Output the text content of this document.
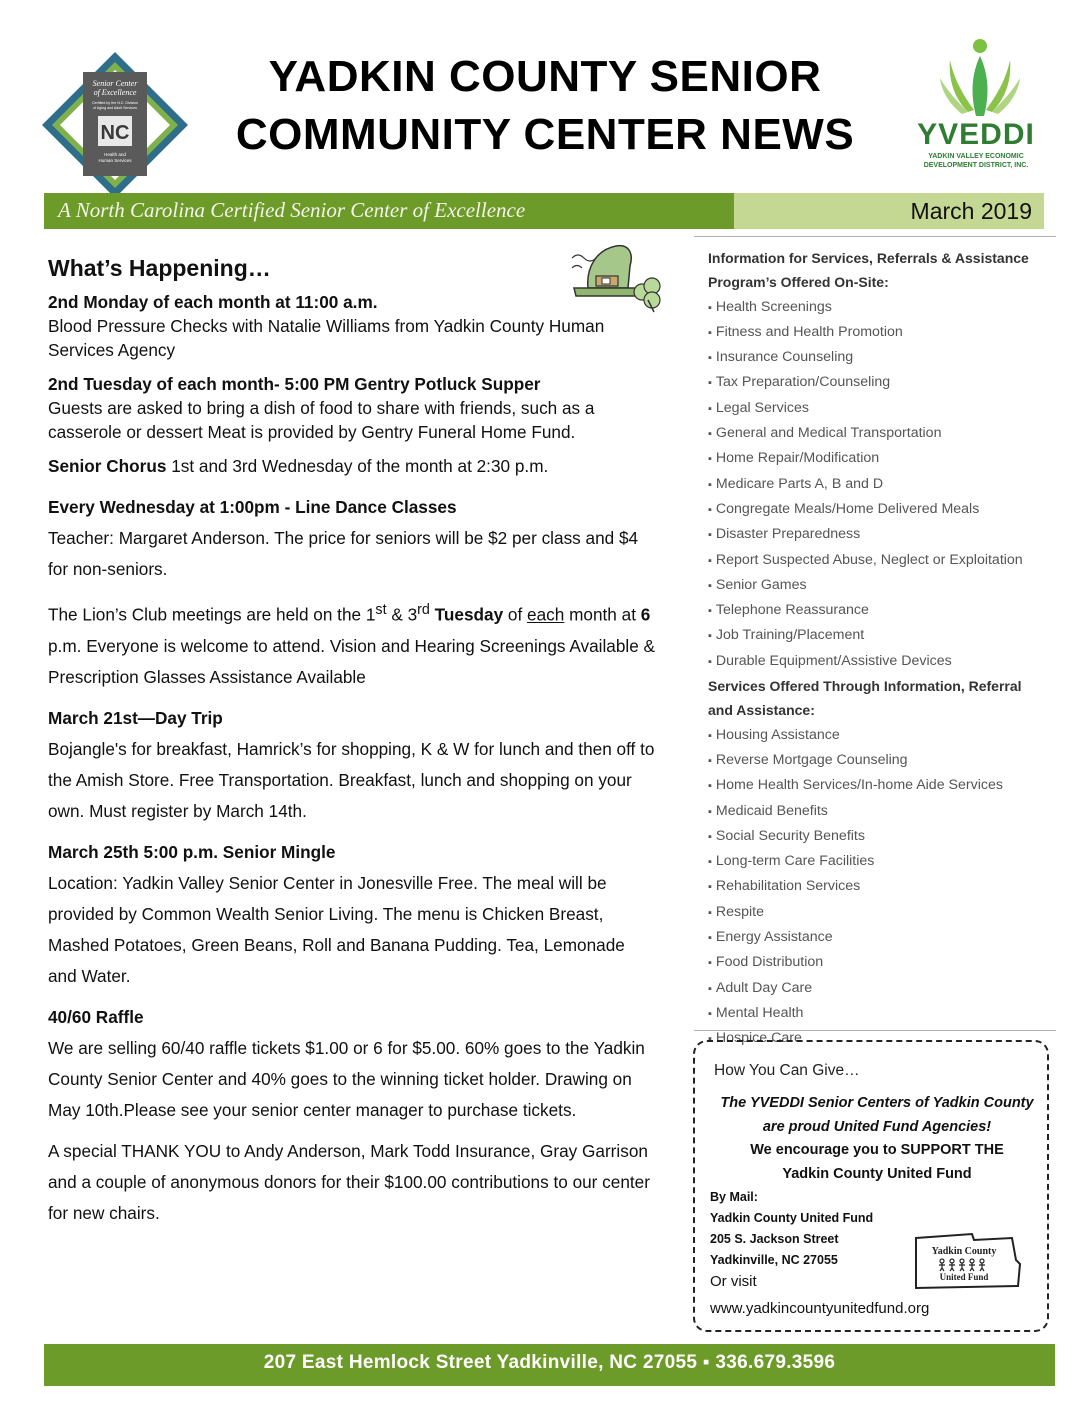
NC
Senior Center
of Excellence
Certified by the N.C. Division
of Aging and Adult Services
Health and
Human Services
YADKIN COUNTY SENIOR
COMMUNITY CENTER NEWS	YVEDDI
YADKIN VALLEY ECONOMIC
DEVELOPMENT DISTRICT, INC.
A North Carolina Certified Senior Center of Excellence	March 2019
What’s Happening…
2nd Monday of each month at 11:00 a.m.
Blood Pressure Checks with Natalie Williams from Yadkin County Human Services Agency
2nd Tuesday of each month- 5:00 PM Gentry Potluck Supper
Guests are asked to bring a dish of food to share with friends, such as a casserole or dessert Meat is provided by Gentry Funeral Home Fund.
Senior Chorus 1st and 3rd Wednesday of the month at 2:30 p.m.
Every Wednesday at 1:00pm - Line Dance Classes
Teacher: Margaret Anderson. The price for seniors will be $2 per class and $4 for non-seniors.
The Lion’s Club meetings are held on the 1st & 3rd Tuesday of each month at 6 p.m. Everyone is welcome to attend. Vision and Hearing Screenings Available & Prescription Glasses Assistance Available
March 21st—Day Trip
Bojangle's for breakfast, Hamrick’s for shopping, K & W for lunch and then off to the Amish Store. Free Transportation. Breakfast, lunch and shopping on your own. Must register by March 14th.
March 25th 5:00 p.m. Senior Mingle
Location: Yadkin Valley Senior Center in Jonesville Free. The meal will be provided by Common Wealth Senior Living. The menu is Chicken Breast, Mashed Potatoes, Green Beans, Roll and Banana Pudding. Tea, Lemonade and Water.
40/60 Raffle
We are selling 60/40 raffle tickets $1.00 or 6 for $5.00. 60% goes to the Yadkin County Senior Center and 40% goes to the winning ticket holder. Drawing on May 10th.Please see your senior center manager to purchase tickets.
A special THANK YOU to Andy Anderson, Mark Todd Insurance, Gray Garrison and a couple of anonymous donors for their $100.00 contributions to our center for new chairs.
Information for Services, Referrals & Assistance
Program’s Offered On-Site:
▪ Health Screenings
▪ Fitness and Health Promotion
▪ Insurance Counseling
▪ Tax Preparation/Counseling
▪ Legal Services
▪ General and Medical Transportation
▪ Home Repair/Modification
▪ Medicare Parts A, B and D
▪ Congregate Meals/Home Delivered Meals
▪ Disaster Preparedness
▪ Report Suspected Abuse, Neglect or Exploitation
▪ Senior Games
▪ Telephone Reassurance
▪ Job Training/Placement
▪ Durable Equipment/Assistive Devices
Services Offered Through Information, Referral and Assistance:
▪ Housing Assistance
▪ Reverse Mortgage Counseling
▪ Home Health Services/In-home Aide Services
▪ Medicaid Benefits
▪ Social Security Benefits
▪ Long-term Care Facilities
▪ Rehabilitation Services
▪ Respite
▪ Energy Assistance
▪ Food Distribution
▪ Adult Day Care
▪ Mental Health
▪ Hospice Care
How You Can Give…
The YVEDDI Senior Centers of Yadkin County
are proud United Fund Agencies!
We encourage you to SUPPORT THE
Yadkin County United Fund
By Mail:
Yadkin County United Fund
205 S. Jackson Street
Yadkinville, NC 27055
Or visit
www.yadkincountyunitedfund.org
Yadkin County
United Fund
207 East Hemlock Street Yadkinville, NC 27055 ▪ 336.679.3596
